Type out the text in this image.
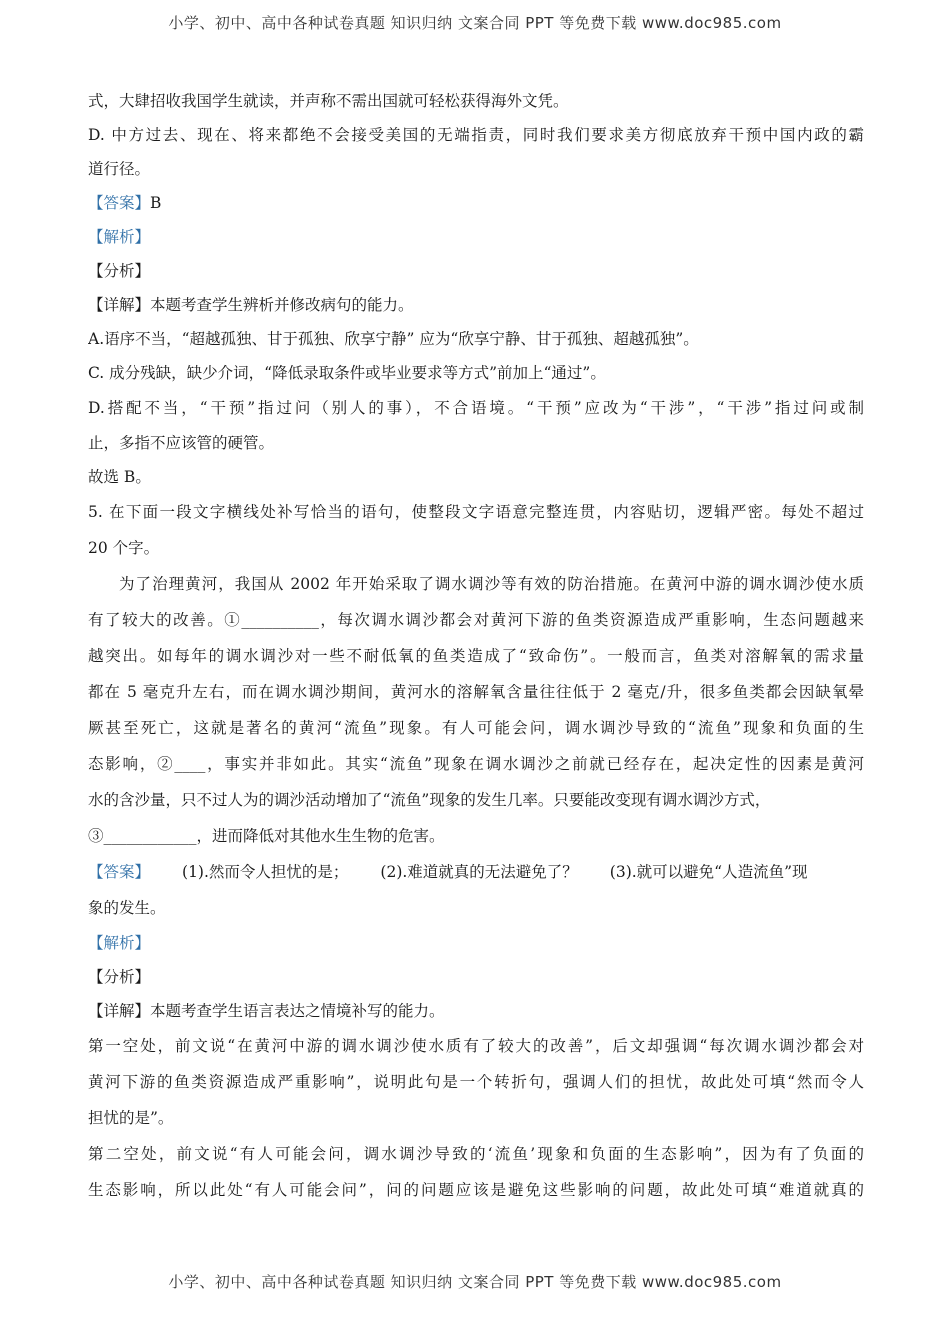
小学、初中、高中各种试卷真题 知识归纳 文案合同 PPT 等免费下载 www.doc985.com
式，大肆招收我国学生就读，并声称不需出国就可轻松获得海外文凭。
D. 中方过去、现在、将来都绝不会接受美国的无端指责，同时我们要求美方彻底放弃干预中国内政的霸
道行径。
【答案】B
【解析】
【分析】
【详解】本题考查学生辨析并修改病句的能力。
A.语序不当，“超越孤独、甘于孤独、欣享宁静” 应为“欣享宁静、甘于孤独、超越孤独”。
C. 成分残缺，缺少介词，“降低录取条件或毕业要求等方式”前加上“通过”。
D.搭配不当，“干预”指过问（别人的事），不合语境。“干预”应改为“干涉”，“干涉”指过问或制
止，多指不应该管的硬管。
故选 B。
5. 在下面一段文字横线处补写恰当的语句，使整段文字语意完整连贯，内容贴切，逻辑严密。每处不超过
20 个字。
为了治理黄河，我国从 2002 年开始采取了调水调沙等有效的防治措施。在黄河中游的调水调沙使水质
有了较大的改善。①__________，每次调水调沙都会对黄河下游的鱼类资源造成严重影响，生态问题越来
越突出。如每年的调水调沙对一些不耐低氧的鱼类造成了“致命伤”。一般而言，鱼类对溶解氧的需求量
都在 5 毫克升左右，而在调水调沙期间，黄河水的溶解氧含量往往低于 2 毫克/升，很多鱼类都会因缺氧晕
厥甚至死亡，这就是著名的黄河“流鱼”现象。有人可能会问，调水调沙导致的“流鱼”现象和负面的生
态影响，②____，事实并非如此。其实“流鱼”现象在调水调沙之前就已经存在，起决定性的因素是黄河
水的含沙量，只不过人为的调沙活动增加了“流鱼”现象的发生几率。只要能改变现有调水调沙方式，
③____________，进而降低对其他水生生物的危害。
【答案】 (1).然而令人担忧的是； (2).难道就真的无法避免了？ (3).就可以避免“人造流鱼”现
象的发生。
【解析】
【分析】
【详解】本题考查学生语言表达之情境补写的能力。
第一空处，前文说“在黄河中游的调水调沙使水质有了较大的改善”，后文却强调“每次调水调沙都会对
黄河下游的鱼类资源造成严重影响”，说明此句是一个转折句，强调人们的担忧，故此处可填“然而令人
担忧的是”。
第二空处，前文说“有人可能会问，调水调沙导致的‘流鱼’现象和负面的生态影响”，因为有了负面的
生态影响，所以此处“有人可能会问”，问的问题应该是避免这些影响的问题，故此处可填“难道就真的
小学、初中、高中各种试卷真题 知识归纳 文案合同 PPT 等免费下载 www.doc985.com
